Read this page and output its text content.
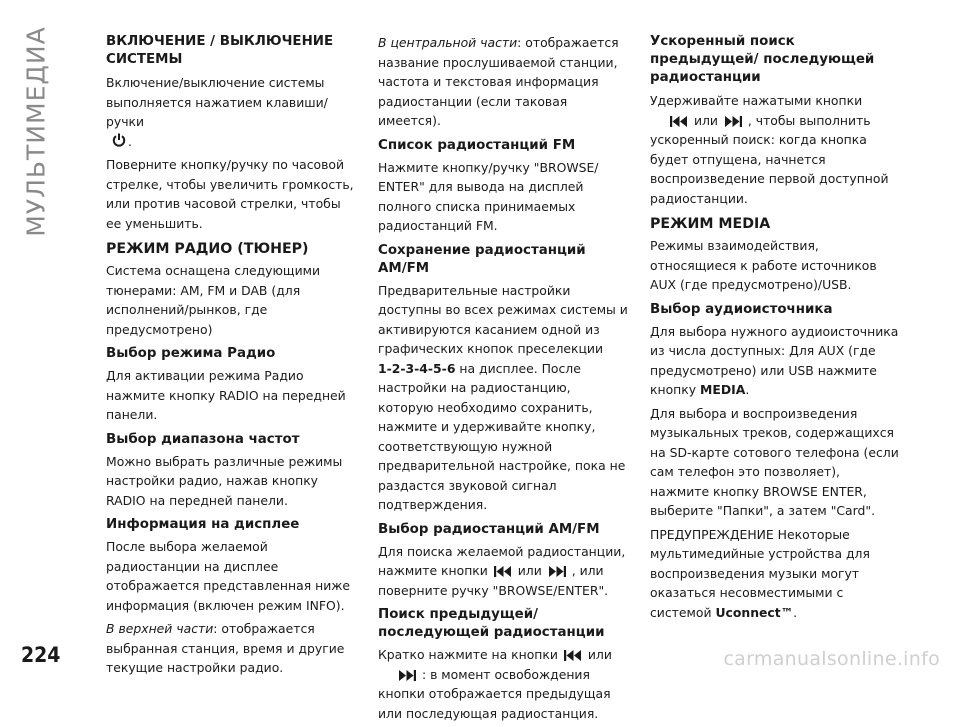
МУЛЬТИМЕДИА	ВКЛЮЧЕНИЕ / ВЫКЛЮЧЕНИЕ СИСТЕМЫ

Включение/выключение системы выполняется нажатием клавиши/ручки

.

Поверните кнопку/ручку по часовой стрелке, чтобы увеличить громкость, или против часовой стрелки, чтобы ее уменьшить.

РЕЖИМ РАДИО (ТЮНЕР)

Система оснащена следующими тюнерами: AM, FM и DAB (для исполнений/рынков, где предусмотрено)

Выбор режима Радио

Для активации режима Радио нажмите кнопку RADIO на передней панели.

Выбор диапазона частот

Можно выбрать различные режимы настройки радио, нажав кнопку RADIO на передней панели.

Информация на дисплее

После выбора желаемой радиостанции на дисплее отображается представленная ниже информация (включен режим INFO).

В верхней части: отображается выбранная станция, время и другие текущие настройки радио.

В центральной части: отображается название прослушиваемой станции, частота и текстовая информация радиостанции (если таковая имеется).

Список радиостанций FM

Нажмите кнопку/ручку "BROWSE/ ENTER" для вывода на дисплей полного списка принимаемых радиостанций FM.

Сохранение радиостанций AM/FM

Предварительные настройки доступны во всех режимах системы и активируются касанием одной из графических кнопок преселекции
1-2-3-4-5-6 на дисплее. После настройки на радиостанцию, которую необходимо сохранить, нажмите и удерживайте кнопку, соответствующую нужной предварительной настройке, пока не раздастся звуковой сигнал подтверждения.

Выбор радиостанций AM/FM

Для поиска желаемой радиостанции, нажмите кнопки или , или поверните ручку "BROWSE/ENTER".

Поиск предыдущей/последующей радиостанции

Кратко нажмите на кнопки или

: в момент освобождения кнопки отображается предыдущая или последующая радиостанция.

Ускоренный поиск предыдущей/ последующей радиостанции

Удерживайте нажатыми кнопки

или , чтобы выполнить ускоренный поиск: когда кнопка будет отпущена, начнется воспроизведение первой доступной радиостанции.

РЕЖИМ MEDIA

Режимы взаимодействия, относящиеся к работе источников AUX (где предусмотрено)/USB.

Выбор аудиоисточника

Для выбора нужного аудиоисточника из числа доступных: Для AUX (где предусмотрено) или USB нажмите кнопку MEDIA.

Для выбора и воспроизведения музыкальных треков, содержащихся на SD-карте сотового телефона (если сам телефон это позволяет), нажмите кнопку BROWSE ENTER, выберите "Папки", а затем "Card".

ПРЕДУПРЕЖДЕНИЕ Некоторые мультимедийные устройства для воспроизведения музыки могут оказаться несовместимыми с системой Uconnect™.

224	carmanualsonline.info
